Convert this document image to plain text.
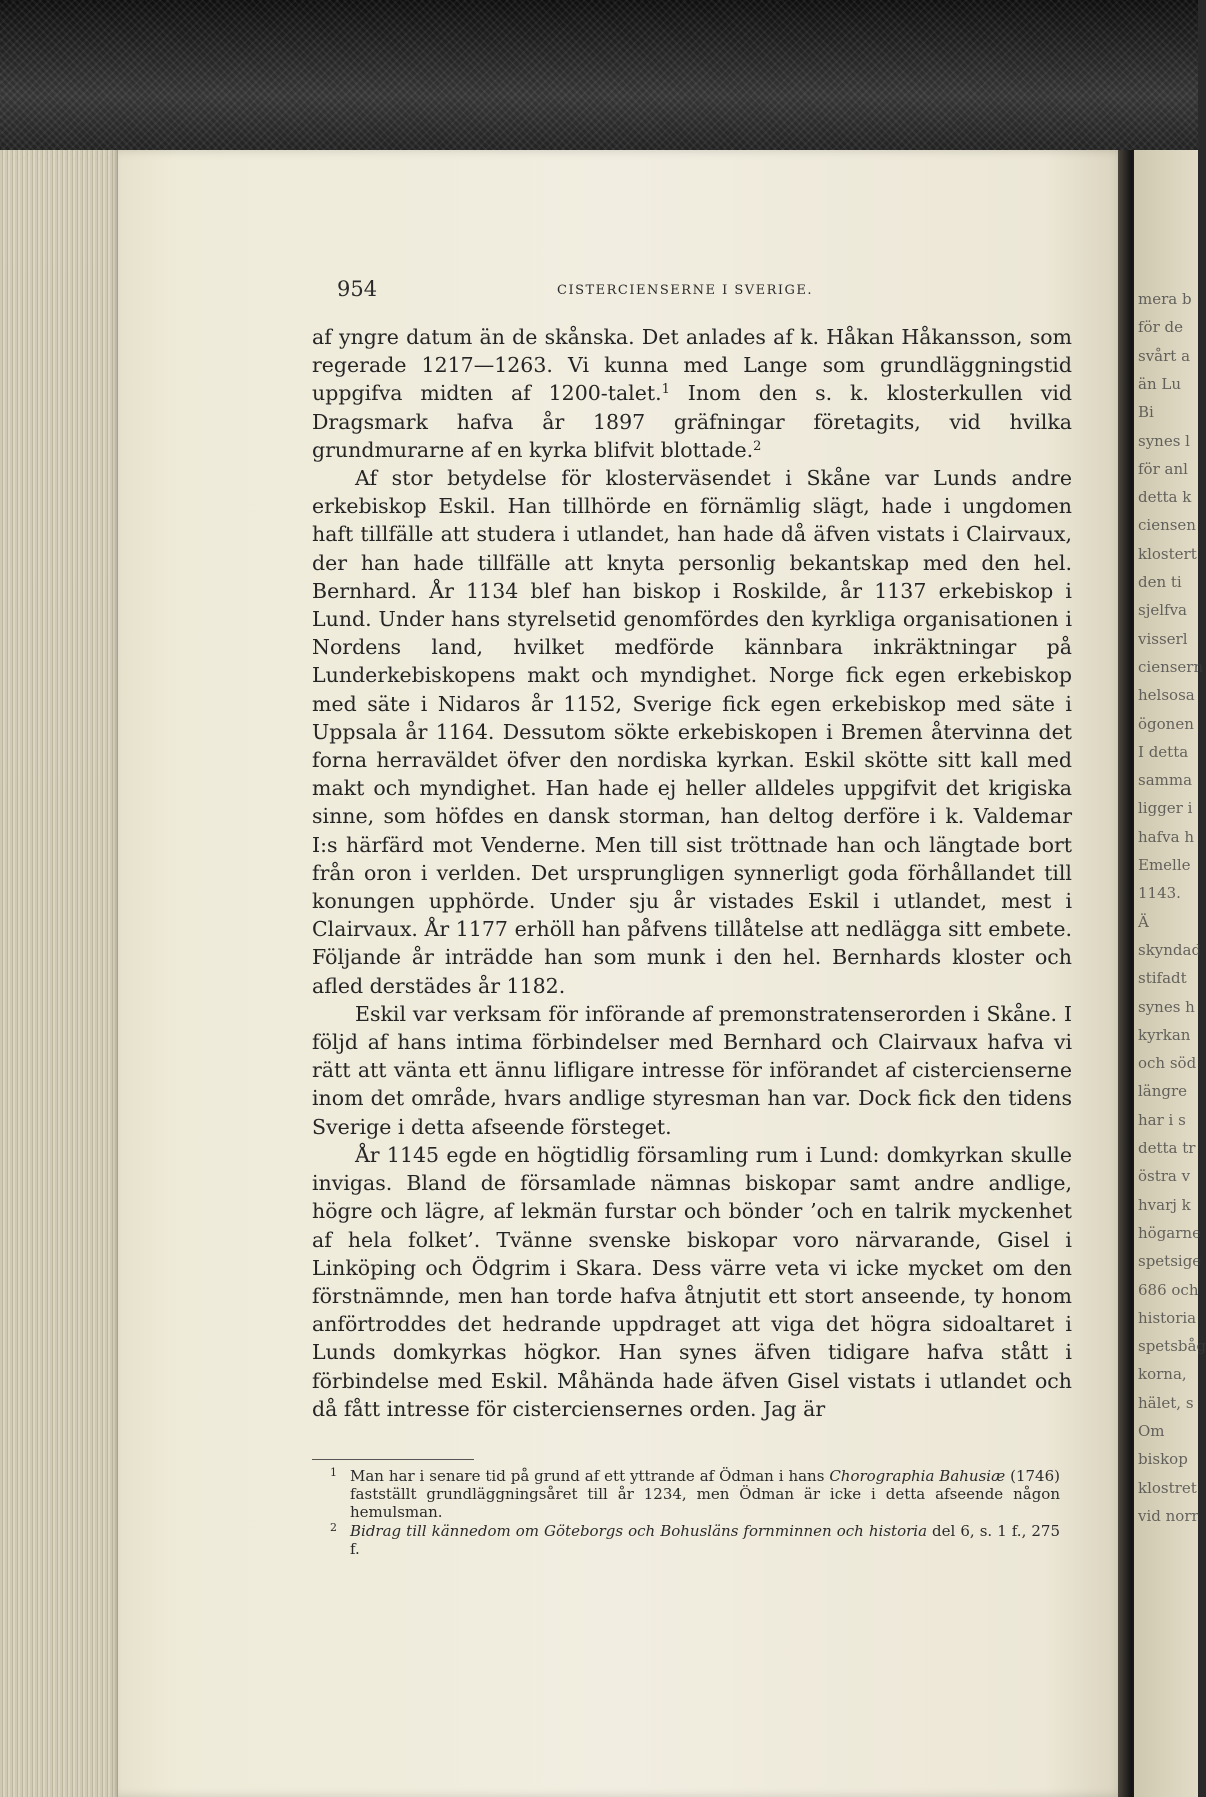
mera b
för de
svårt a
än Lu
Bi
synes l
för anl
detta k
ciensen
klostert
den ti
sjelfva
visserl
ciensern
helsosa
ögonen
I detta
samma
ligger i
hafva h
Emelle
1143.
Ä
skyndad
stifadt
synes h
kyrkan
och söd
längre
har i s
detta tr
östra v
hvarj k
högarne
spetsige
686 och
historia
spetsbåg
korna,
hälet, s
Om
biskop
klostret
vid norr
954	CISTERCIENSERNE I SVERIGE.

af yngre datum än de skånska. Det anlades af k. Håkan Håkansson, som regerade 1217—1263. Vi kunna med Lange som grundläggningstid uppgifva midten af 1200-talet.$^1$ Inom den s. k. klosterkullen vid Dragsmark hafva år 1897 gräfningar företagits, vid hvilka grundmurarne af en kyrka blifvit blottade.$^2$

Af stor betydelse för klosterväsendet i Skåne var Lunds andre erkebiskop Eskil. Han tillhörde en förnämlig slägt, hade i ungdomen haft tillfälle att studera i utlandet, han hade då äfven vistats i Clairvaux, der han hade tillfälle att knyta personlig bekantskap med den hel. Bernhard. År 1134 blef han biskop i Roskilde, år 1137 erkebiskop i Lund. Under hans styrelsetid genomfördes den kyrkliga organisationen i Nordens land, hvilket medförde kännbara inkräktningar på Lunderkebiskopens makt och myndighet. Norge fick egen erkebiskop med säte i Nidaros år 1152, Sverige fick egen erkebiskop med säte i Uppsala år 1164. Dessutom sökte erkebiskopen i Bremen återvinna det forna herraväldet öfver den nordiska kyrkan. Eskil skötte sitt kall med makt och myndighet. Han hade ej heller alldeles uppgifvit det krigiska sinne, som höfdes en dansk storman, han deltog derföre i k. Valdemar I:s härfärd mot Venderne. Men till sist tröttnade han och längtade bort från oron i verlden. Det ursprungligen synnerligt goda förhållandet till konungen upphörde. Under sju år vistades Eskil i utlandet, mest i Clairvaux. År 1177 erhöll han påfvens tillåtelse att nedlägga sitt embete. Följande år inträdde han som munk i den hel. Bernhards kloster och afled derstädes år 1182.

Eskil var verksam för införande af premonstratenserorden i Skåne. I följd af hans intima förbindelser med Bernhard och Clairvaux hafva vi rätt att vänta ett ännu lifligare intresse för införandet af cisterciensernе inom det område, hvars andlige styresman han var. Dock fick den tidens Sverige i detta afseende försteget.

År 1145 egde en högtidlig församling rum i Lund: domkyrkan skulle invigas. Bland de församlade nämnas biskopar samt andre andlige, högre och lägre, af lekmän furstar och bönder ’och en talrik myckenhet af hela folket’. Tvänne svenske biskopar voro närvarande, Gisel i Linköping och Ödgrim i Skara. Dess värre veta vi icke mycket om den förstnämnde, men han torde hafva åtnjutit ett stort anseende, ty honom anförtroddes det hedrande uppdraget att viga det högra sidoaltaret i Lunds domkyrkas högkor. Han synes äfven tidigare hafva stått i förbindelse med Eskil. Måhända hade äfven Gisel vistats i utlandet och då fått intresse för cisterciensernes orden. Jag är

1 Man har i senare tid på grund af ett yttrande af Ödman i hans Chorographia Bahusiæ (1746) fastställt grundläggningsåret till år 1234, men Ödman är icke i detta afseende någon hemulsman.
2 Bidrag till kännedom om Göteborgs och Bohusläns fornminnen och historia del 6, s. 1 f., 275 f.
